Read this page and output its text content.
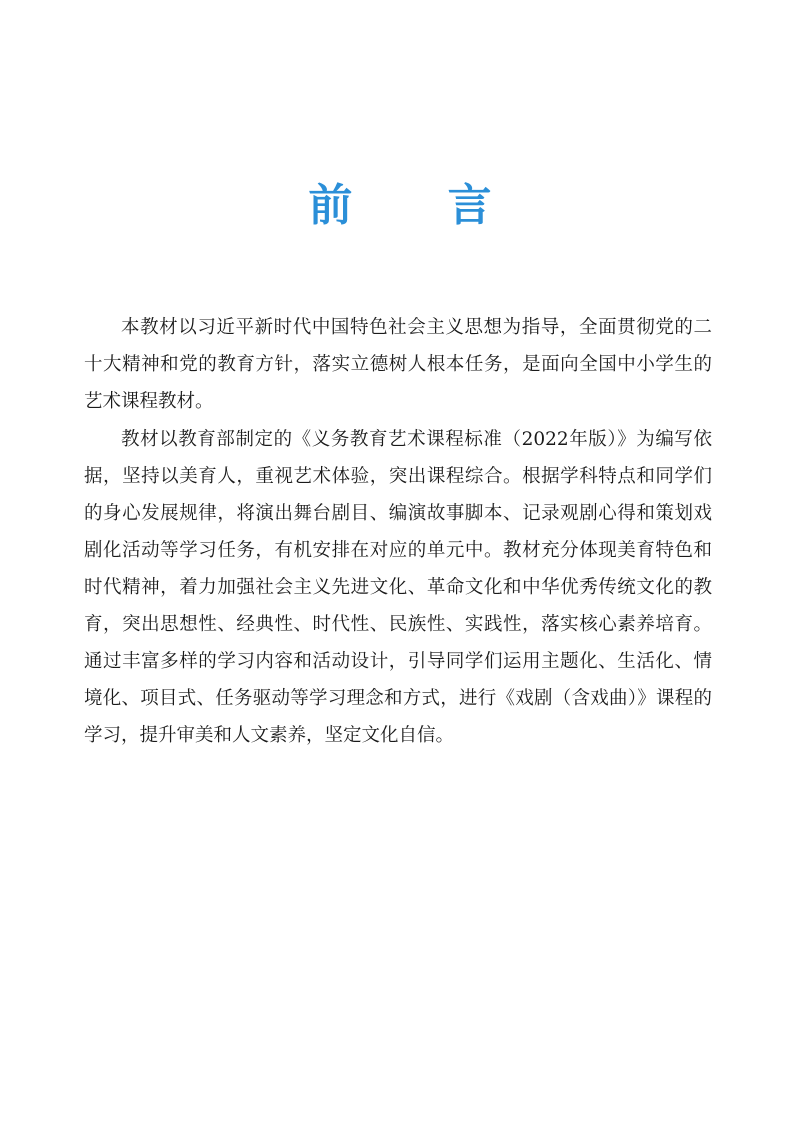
前 言

本教材以习近平新时代中国特色社会主义思想为指导，全面贯彻党的二十大精神和党的教育方针，落实立德树人根本任务，是面向全国中小学生的艺术课程教材。

教材以教育部制定的《义务教育艺术课程标准（2022年版）》为编写依据，坚持以美育人，重视艺术体验，突出课程综合。根据学科特点和同学们的身心发展规律，将演出舞台剧目、编演故事脚本、记录观剧心得和策划戏剧化活动等学习任务，有机安排在对应的单元中。教材充分体现美育特色和时代精神，着力加强社会主义先进文化、革命文化和中华优秀传统文化的教育，突出思想性、经典性、时代性、民族性、实践性，落实核心素养培育。通过丰富多样的学习内容和活动设计，引导同学们运用主题化、生活化、情境化、项目式、任务驱动等学习理念和方式，进行《戏剧（含戏曲）》课程的学习，提升审美和人文素养，坚定文化自信。
